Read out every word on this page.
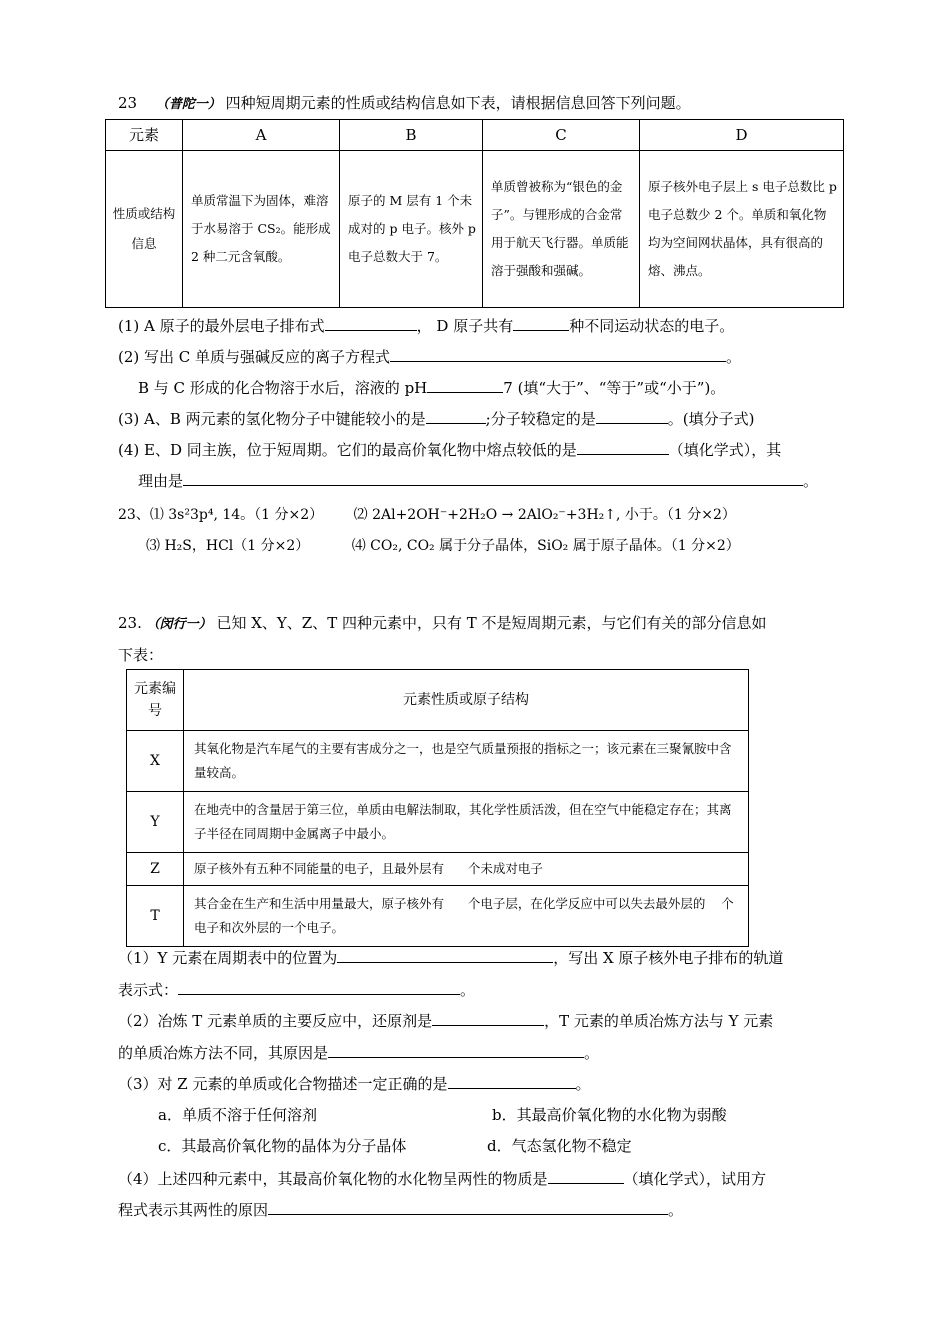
23 （普陀一） 四种短周期元素的性质或结构信息如下表，请根据信息回答下列问题。
元素	A	B	C	D
性质或结构信息	单质常温下为固体，难溶于水易溶于 CS₂。能形成 2 种二元含氧酸。	原子的 M 层有 1 个未成对的 p 电子。核外 p 电子总数大于 7。	单质曾被称为“银色的金子”。与锂形成的合金常用于航天飞行器。单质能溶于强酸和强碱。	原子核外电子层上 s 电子总数比 p 电子总数少 2 个。单质和氧化物均为空间网状晶体，具有很高的熔、沸点。
(1) A 原子的最外层电子排布式	， D 原子共有	种不同运动状态的电子。
(2) 写出 C 单质与强碱反应的离子方程式	。
B 与 C 形成的化合物溶于水后，溶液的 pH	7 (填“大于”、“等于”或“小于”)。
(3) A、B 两元素的氢化物分子中键能较小的是	;分子较稳定的是	。(填分子式)
(4) E、D 同主族，位于短周期。它们的最高价氧化物中熔点较低的是	（填化学式），其
理由是	。
23、⑴ 3s²3p⁴, 14。（1 分×2） ⑵ 2Al+2OH⁻+2H₂O → 2AlO₂⁻+3H₂↑, 小于。（1 分×2）
⑶ H₂S，HCl（1 分×2）	⑷ CO₂, CO₂ 属于分子晶体，SiO₂ 属于原子晶体。（1 分×2）
23. （闵行一） 已知 X、Y、Z、T 四种元素中，只有 T 不是短周期元素，与它们有关的部分信息如
下表：
元素编号	元素性质或原子结构
X	其氧化物是汽车尾气的主要有害成分之一，也是空气质量预报的指标之一；该元素在三聚氰胺中含量较高。
Y	在地壳中的含量居于第三位，单质由电解法制取，其化学性质活泼，但在空气中能稳定存在；其离子半径在同周期中金属离子中最小。
Z	原子核外有五种不同能量的电子，且最外层有      个未成对电子
T	其合金在生产和生活中用量最大，原子核外有      个电子层，在化学反应中可以失去最外层的    个电子和次外层的一个电子。
（1）Y 元素在周期表中的位置为	，写出 X 原子核外电子排布的轨道
表示式：	。
（2）冶炼 T 元素单质的主要反应中，还原剂是	，T 元素的单质冶炼方法与 Y 元素
的单质冶炼方法不同，其原因是	。
（3）对 Z 元素的单质或化合物描述一定正确的是	。
a．单质不溶于任何溶剂	b．其最高价氧化物的水化物为弱酸
c．其最高价氧化物的晶体为分子晶体	d．气态氢化物不稳定
（4）上述四种元素中，其最高价氧化物的水化物呈两性的物质是	（填化学式），试用方
程式表示其两性的原因	。
